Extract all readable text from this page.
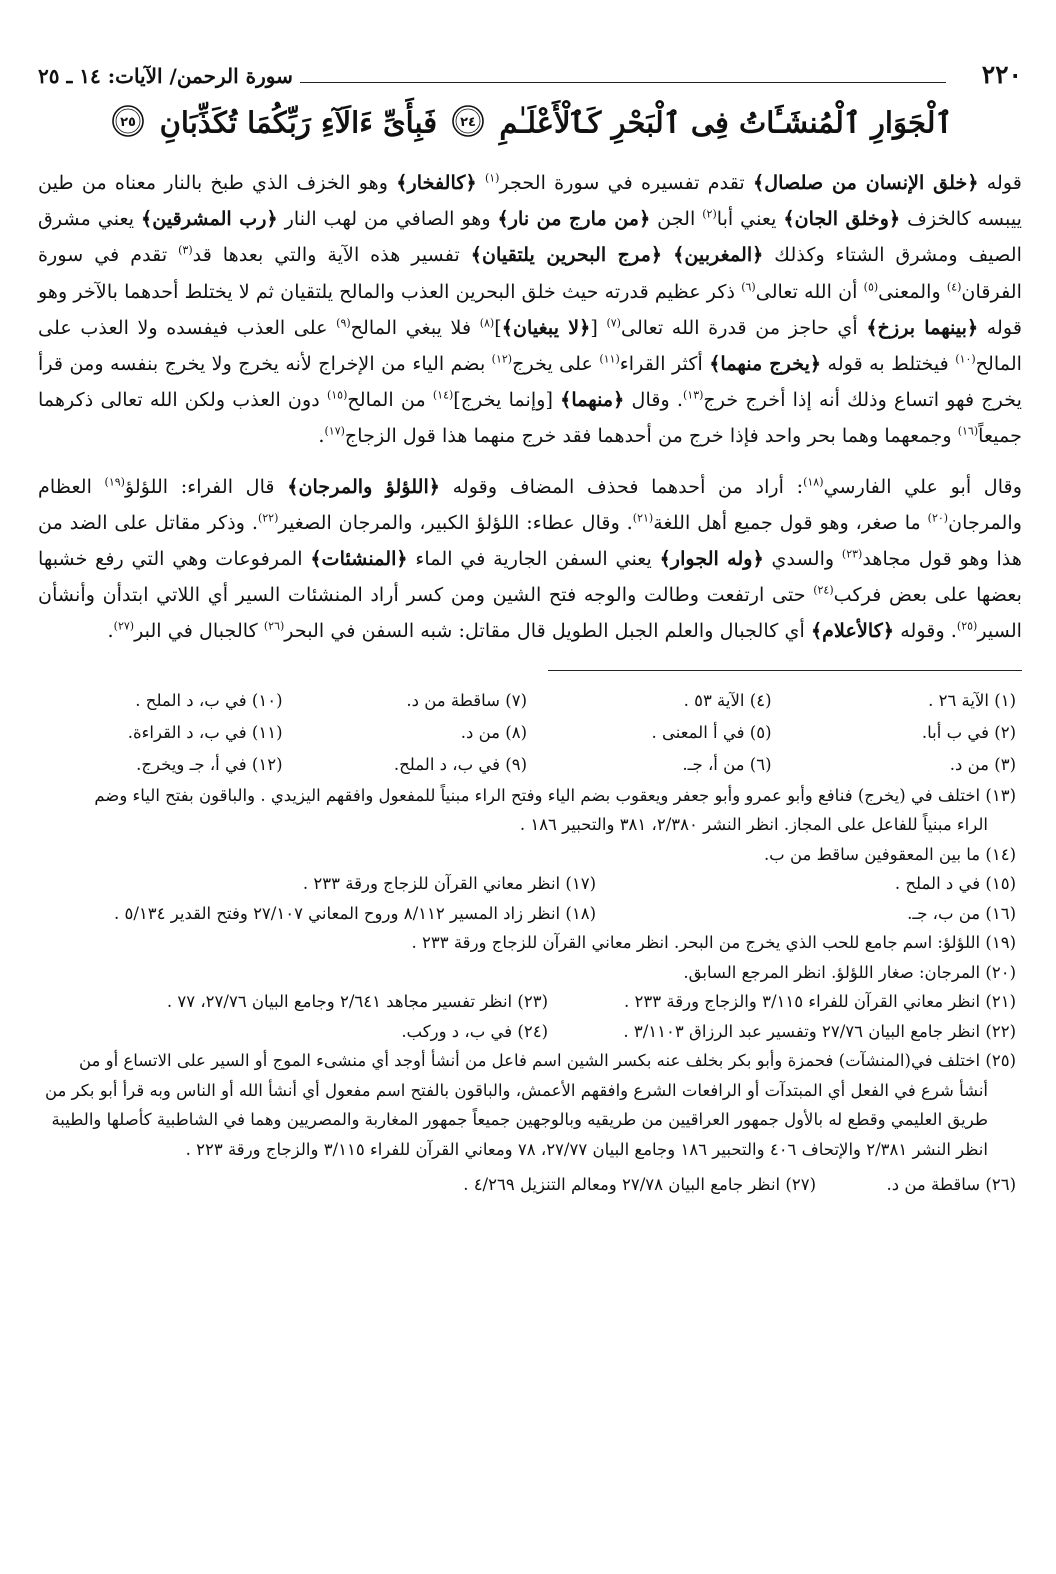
٢٢٠
سورة الرحمن/ الآيات: ١٤ ـ ٢٥
ٱلْجَوَارِ ٱلْمُنشَـَٔاتُ فِى ٱلْبَحْرِ كَٱلْأَعْلَـٰمِ
٢٤
فَبِأَىِّ ءَالَآءِ رَبِّكُمَا تُكَذِّبَانِ
٢٥

قوله ﴿خلق الإنسان من صلصال﴾ تقدم تفسيره في سورة الحجر$^{(١)}$ ﴿كالفخار﴾ وهو الخزف الذي طبخ بالنار معناه من طين ييبسه كالخزف ﴿وخلق الجان﴾ يعني أبا$^{(٢)}$ الجن ﴿من مارج من نار﴾ وهو الصافي من لهب النار ﴿رب المشرقين﴾ يعني مشرق الصيف ومشرق الشتاء وكذلك ﴿المغربين﴾ ﴿مرج البحرين يلتقيان﴾ تفسير هذه الآية والتي بعدها قد$^{(٣)}$ تقدم في سورة الفرقان$^{(٤)}$ والمعنى$^{(٥)}$ أن الله تعالى$^{(٦)}$ ذكر عظيم قدرته حيث خلق البحرين العذب والمالح يلتقيان ثم لا يختلط أحدهما بالآخر وهو قوله ﴿بينهما برزخ﴾ أي حاجز من قدرة الله تعالى$^{(٧)}$ [﴿لا يبغيان﴾]$^{(٨)}$ فلا يبغي المالح$^{(٩)}$ على العذب فيفسده ولا العذب على المالح$^{(١٠)}$ فيختلط به قوله ﴿يخرج منهما﴾ أكثر القراء$^{(١١)}$ على يخرج$^{(١٢)}$ بضم الياء من الإخراج لأنه يخرج ولا يخرج بنفسه ومن قرأ يخرج فهو اتساع وذلك أنه إذا أخرج خرج$^{(١٣)}$. وقال ﴿منهما﴾ [وإنما يخرج]$^{(١٤)}$ من المالح$^{(١٥)}$ دون العذب ولكن الله تعالى ذكرهما جميعاً$^{(١٦)}$ وجمعهما وهما بحر واحد فإذا خرج من أحدهما فقد خرج منهما هذا قول الزجاج$^{(١٧)}$.

وقال أبو علي الفارسي$^{(١٨)}$: أراد من أحدهما فحذف المضاف وقوله ﴿اللؤلؤ والمرجان﴾ قال الفراء: اللؤلؤ$^{(١٩)}$ العظام والمرجان$^{(٢٠)}$ ما صغر، وهو قول جميع أهل اللغة$^{(٢١)}$. وقال عطاء: اللؤلؤ الكبير، والمرجان الصغير$^{(٢٢)}$. وذكر مقاتل على الضد من هذا وهو قول مجاهد$^{(٢٣)}$ والسدي ﴿وله الجوار﴾ يعني السفن الجارية في الماء ﴿المنشئات﴾ المرفوعات وهي التي رفع خشبها بعضها على بعض فركب$^{(٢٤)}$ حتى ارتفعت وطالت والوجه فتح الشين ومن كسر أراد المنشئات السير أي اللاتي ابتدأن وأنشأن السير$^{(٢٥)}$. وقوله ﴿كالأعلام﴾ أي كالجبال والعلم الجبل الطويل قال مقاتل: شبه السفن في البحر$^{(٢٦)}$ كالجبال في البر$^{(٢٧)}$.

(١) الآية ٢٦ .
(٤) الآية ٥٣ .
(٧) ساقطة من د.
(١٠) في ب، د الملح .
(٢) في ب أبا.
(٥) في أ المعنى .
(٨) من د.
(١١) في ب، د القراءة.
(٣) من د.
(٦) من أ، جـ.
(٩) في ب، د الملح.
(١٢) في أ، جـ ويخرج.
(١٣) اختلف في (يخرج) فنافع وأبو عمرو وأبو جعفر ويعقوب بضم الياء وفتح الراء مبنياً للمفعول وافقهم اليزيدي . والباقون بفتح الياء وضم
الراء مبنياً للفاعل على المجاز. انظر النشر ٢/٣٨٠، ٣٨١ والتحبير ١٨٦ .
(١٤) ما بين المعقوفين ساقط من ب.
(١٥) في د الملح .
(١٧) انظر معاني القرآن للزجاج ورقة ٢٣٣ .
(١٦) من ب، جـ.
(١٨) انظر زاد المسير ٨/١١٢ وروح المعاني ٢٧/١٠٧ وفتح القدير ٥/١٣٤ .
(١٩) اللؤلؤ: اسم جامع للحب الذي يخرج من البحر. انظر معاني القرآن للزجاج ورقة ٢٣٣ .
(٢٠) المرجان: صغار اللؤلؤ. انظر المرجع السابق.
(٢١) انظر معاني القرآن للفراء ٣/١١٥ والزجاج ورقة ٢٣٣ .
(٢٣) انظر تفسير مجاهد ٢/٦٤١ وجامع البيان ٢٧/٧٦، ٧٧ .
(٢٢) انظر جامع البيان ٢٧/٧٦ وتفسير عبد الرزاق ٣/١١٠٣ .
(٢٤) في ب، د وركب.
(٢٥) اختلف في(المنشآت) فحمزة وأبو بكر بخلف عنه بكسر الشين اسم فاعل من أنشأ أوجد أي منشىء الموج أو السير على الاتساع أو من
أنشأ شرع في الفعل أي المبتدآت أو الرافعات الشرع وافقهم الأعمش، والباقون بالفتح اسم مفعول أي أنشأ الله أو الناس وبه قرأ أبو بكر من طريق العليمي وقطع له بالأول جمهور العراقيين من طريقيه وبالوجهين جميعاً جمهور المغاربة والمصريين وهما في الشاطبية كأصلها والطيبة انظر النشر ٢/٣٨١ والإتحاف ٤٠٦ والتحبير ١٨٦ وجامع البيان ٢٧/٧٧، ٧٨ ومعاني القرآن للفراء ٣/١١٥ والزجاج ورقة ٢٢٣ .
(٢٦) ساقطة من د.
(٢٧) انظر جامع البيان ٢٧/٧٨ ومعالم التنزيل ٤/٢٦٩ .
